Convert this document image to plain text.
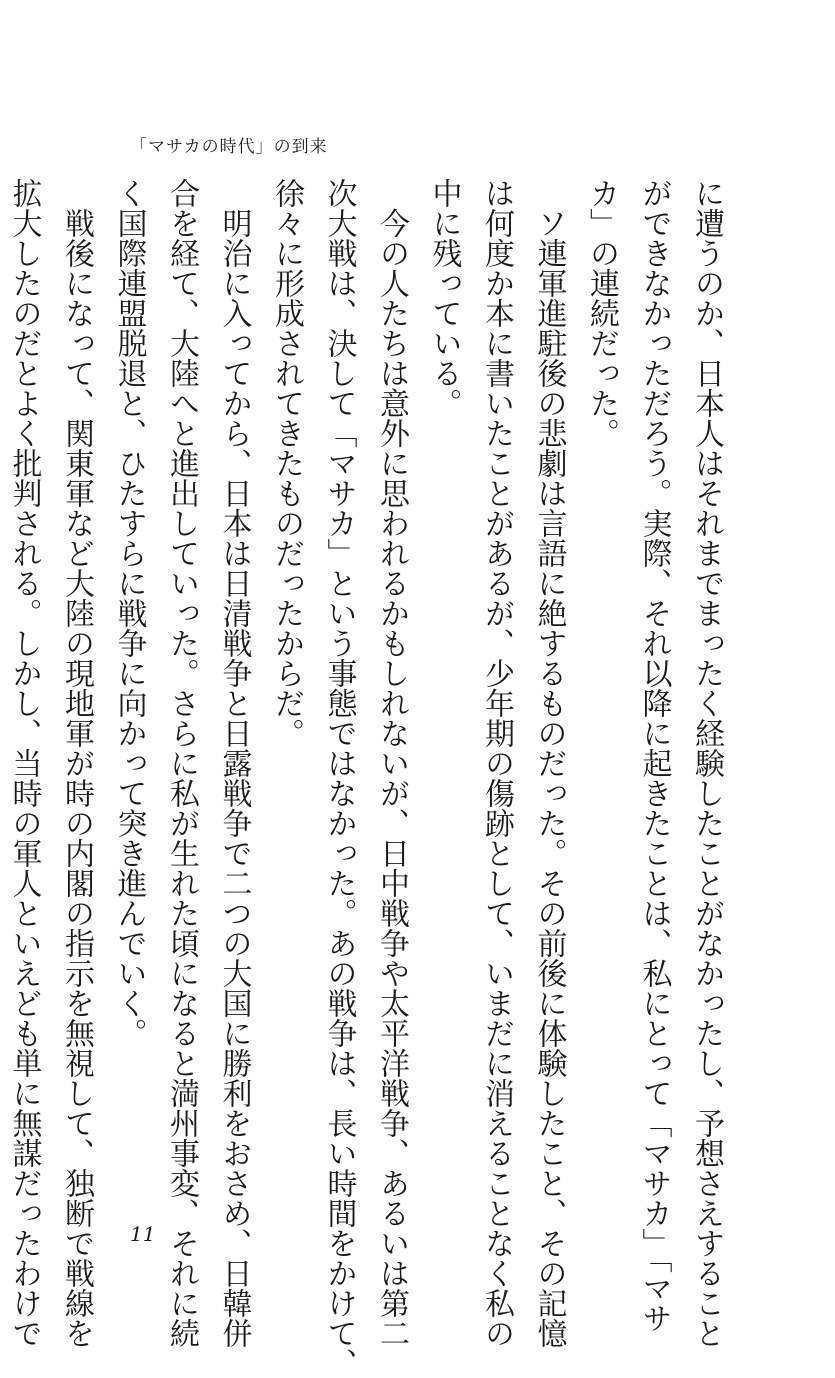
「マサカの時代」の到来
に遭うのか、日本人はそれまでまったく経験したことがなかったし、予想さえすること
ができなかっただろう。実際、それ以降に起きたことは、私にとって「マサカ」「マサ
カ」の連続だった。
　ソ連軍進駐後の悲劇は言語に絶するものだった。その前後に体験したこと、その記憶
は何度か本に書いたことがあるが、少年期の傷跡として、いまだに消えることなく私の
中に残っている。
　今の人たちは意外に思われるかもしれないが、日中戦争や太平洋戦争、あるいは第二
次大戦は、決して「マサカ」という事態ではなかった。あの戦争は、長い時間をかけて、
徐々に形成されてきたものだったからだ。
　明治に入ってから、日本は日清戦争と日露戦争で二つの大国に勝利をおさめ、日韓併
合を経て、大陸へと進出していった。さらに私が生れた頃になると満州事変、それに続
く国際連盟脱退と、ひたすらに戦争に向かって突き進んでいく。
　戦後になって、関東軍など大陸の現地軍が時の内閣の指示を無視して、独断で戦線を
拡大したのだとよく批判される。しかし、当時の軍人といえども単に無謀だったわけで	11
